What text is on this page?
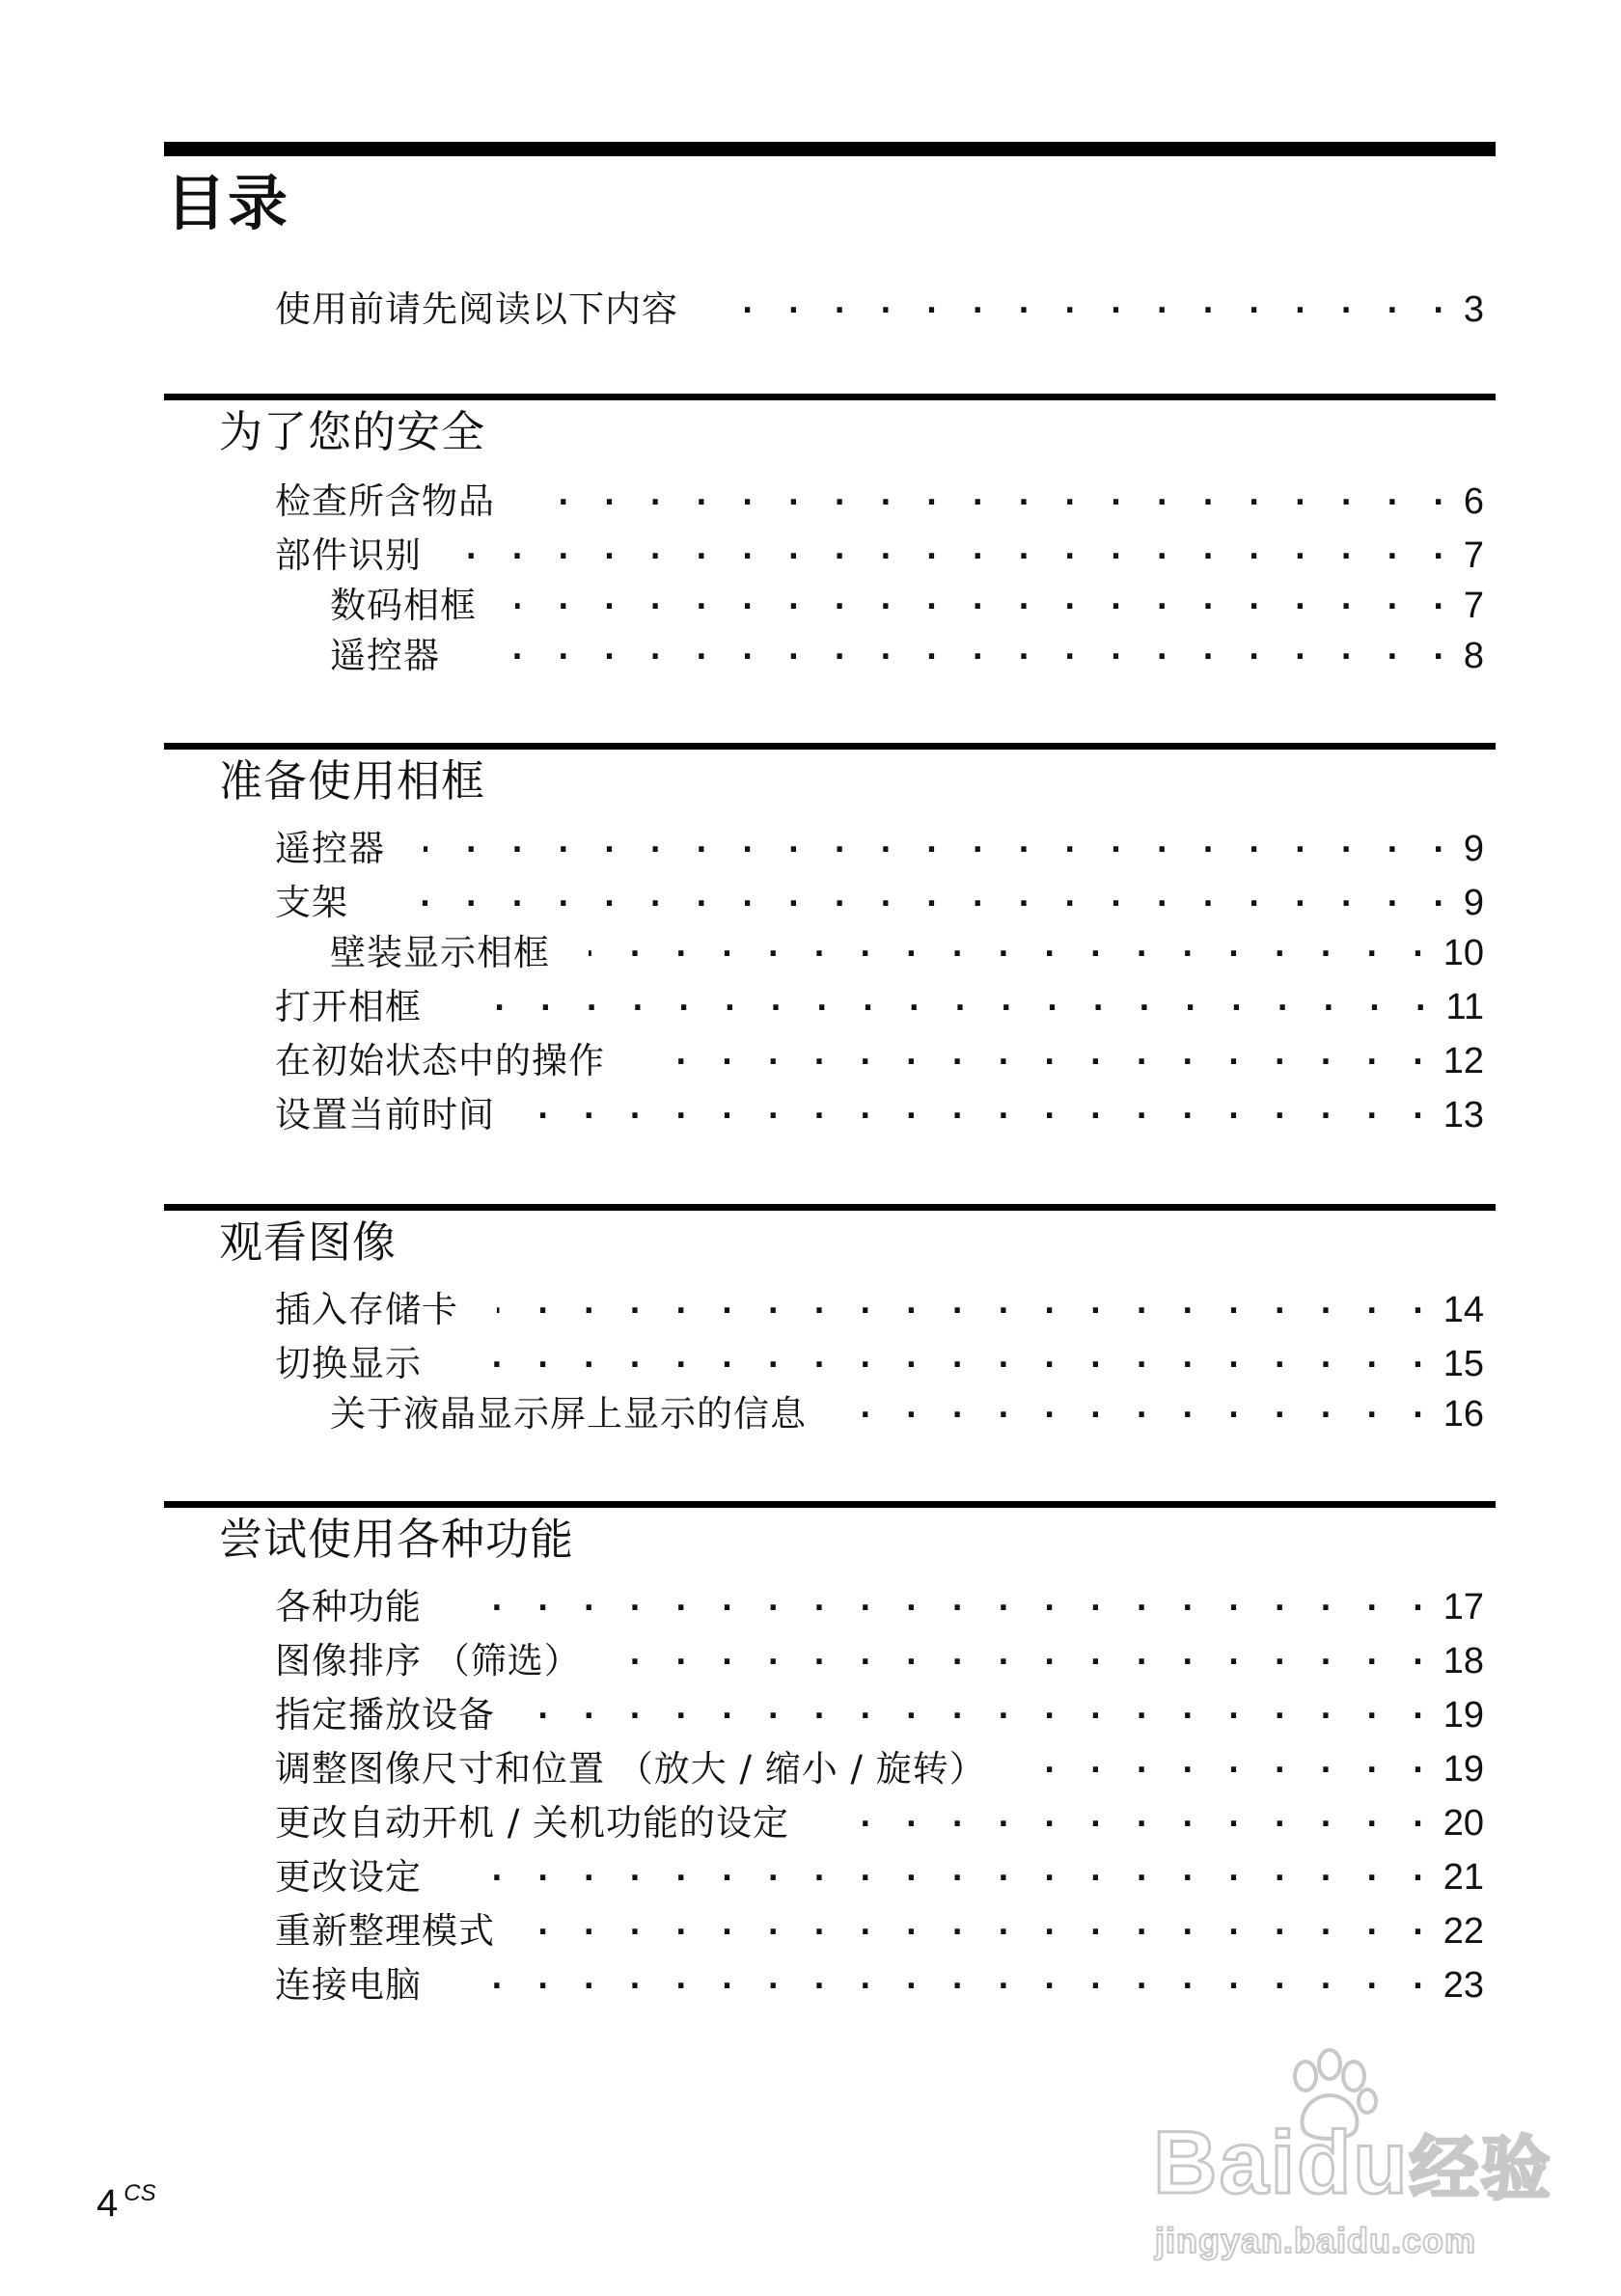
目录
使用前请先阅读以下内容 . . .	3
为了您的安全
检查所含物品 . . .	6
部件识别 . . .	7
数码相框 . . .	7
遥控器 . . .	8
准备使用相框
遥控器 . . .	9
支架 . . .	9
壁装显示相框 . . .	10
打开相框 . . .	11
在初始状态中的操作 . . .	12
设置当前时间 . . .	13
观看图像
插入存储卡 . . .	14
切换显示 . . .	15
关于液晶显示屏上显示的信息 . . .	16
尝试使用各种功能
各种功能 . . .	17
图像排序 （筛选） . . .	18
指定播放设备 . . .	19
调整图像尺寸和位置 （放大 / 缩小 / 旋转） . . .	19
更改自动开机 / 关机功能的设定 . . .	20
更改设定 . . .	21
重新整理模式 . . .	22
连接电脑 . . .	23
4 CS	Baidu经验
jingyan.baidu.com
